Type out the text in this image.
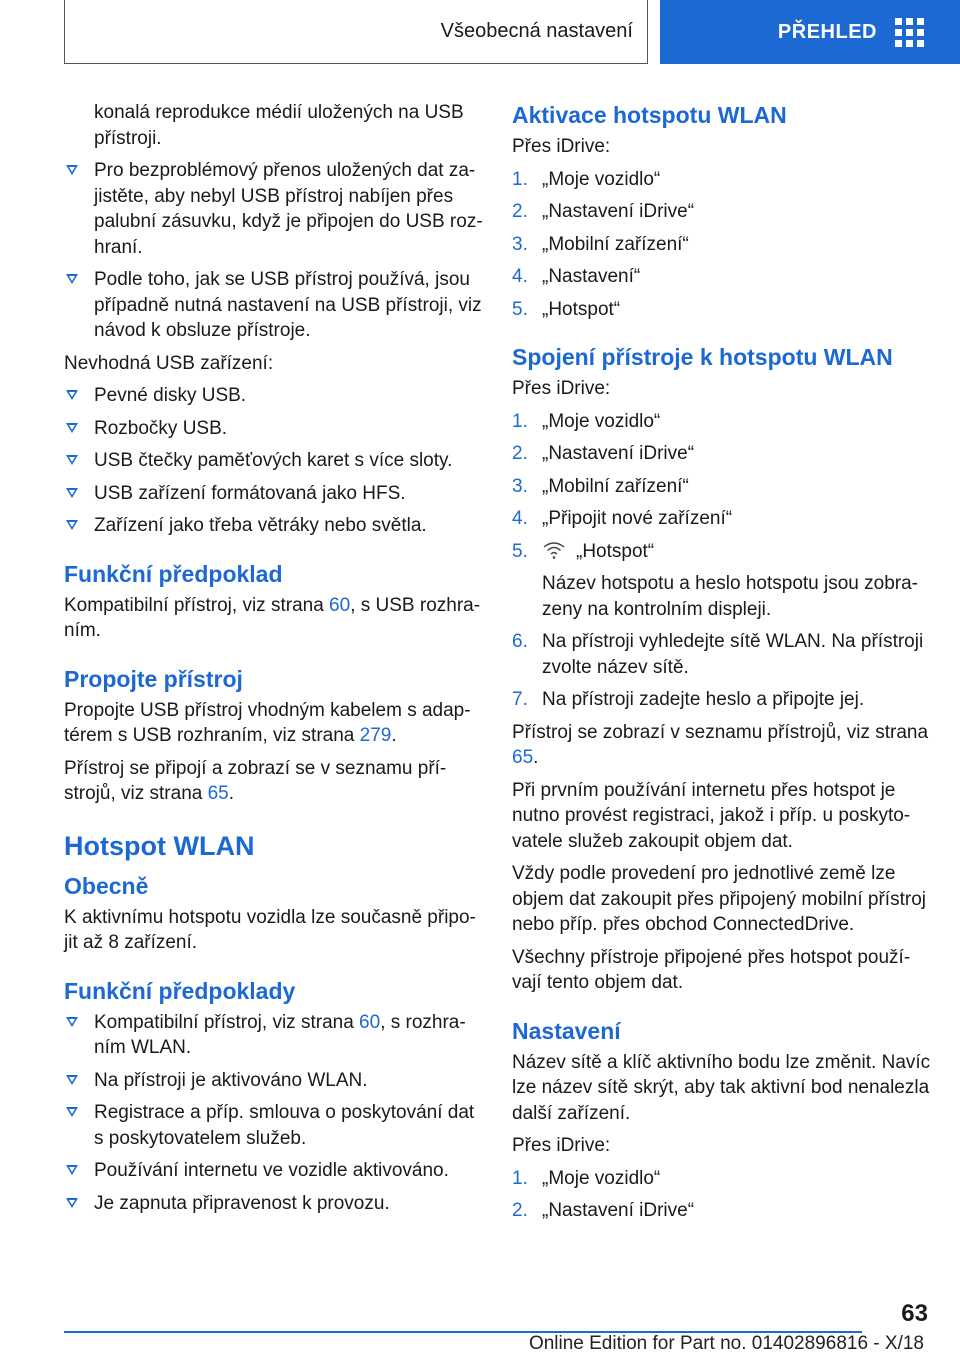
Všeobecná nastavení	PŘEHLED

konalá reprodukce médií uložených na USB přístroji.

Pro bezproblémový přenos uložených dat za-jistěte, aby nebyl USB přístroj nabíjen přes palubní zásuvku, když je připojen do USB roz-hraní.
Podle toho, jak se USB přístroj používá, jsou případně nutná nastavení na USB přístroji, viz návod k obsluze přístroje.

Nevhodná USB zařízení:

Pevné disky USB.
Rozbočky USB.
USB čtečky paměťových karet s více sloty.
USB zařízení formátovaná jako HFS.
Zařízení jako třeba větráky nebo světla.
Funkční předpoklad

Kompatibilní přístroj, viz strana 60, s USB rozhra-ním.

Propojte přístroj

Propojte USB přístroj vhodným kabelem s adap-térem s USB rozhraním, viz strana 279.

Přístroj se připojí a zobrazí se v seznamu pří-strojů, viz strana 65.

Hotspot WLAN
Obecně

K aktivnímu hotspotu vozidla lze současně připo-jit až 8 zařízení.

Funkční předpoklady
Kompatibilní přístroj, viz strana 60, s rozhra-ním WLAN.
Na přístroji je aktivováno WLAN.
Registrace a příp. smlouva o poskytování dat s poskytovatelem služeb.
Používání internetu ve vozidle aktivováno.
Je zapnuta připravenost k provozu.
Aktivace hotspotu WLAN

Přes iDrive:

1. „Moje vozidlo“
2. „Nastavení iDrive“
3. „Mobilní zařízení“
4. „Nastavení“
5. „Hotspot“
Spojení přístroje k hotspotu WLAN

Přes iDrive:

1. „Moje vozidlo“
2. „Nastavení iDrive“
3. „Mobilní zařízení“
4. „Připojit nové zařízení“
5.	„Hotspot“

Název hotspotu a heslo hotspotu jsou zobra-zeny na kontrolním displeji.

6. Na přístroji vyhledejte sítě WLAN. Na přístroji zvolte název sítě.
7. Na přístroji zadejte heslo a připojte jej.

Přístroj se zobrazí v seznamu přístrojů, viz strana 65.

Při prvním používání internetu přes hotspot je nutno provést registraci, jakož i příp. u poskyto-vatele služeb zakoupit objem dat.

Vždy podle provedení pro jednotlivé země lze objem dat zakoupit přes připojený mobilní přístroj nebo příp. přes obchod ConnectedDrive.

Všechny přístroje připojené přes hotspot použí-vají tento objem dat.

Nastavení

Název sítě a klíč aktivního bodu lze změnit. Navíc lze název sítě skrýt, aby tak aktivní bod nenalezla další zařízení.

Přes iDrive:

1. „Moje vozidlo“
2. „Nastavení iDrive“
63
Online Edition for Part no. 01402896816 - X/18
